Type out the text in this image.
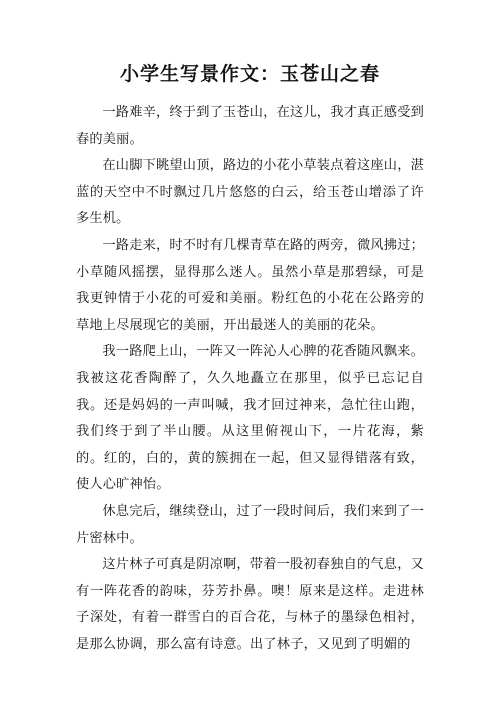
小学生写景作文：玉苍山之春

一路难辛，终于到了玉苍山，在这儿，我才真正感受到春的美丽。

在山脚下眺望山顶，路边的小花小草装点着这座山，湛蓝的天空中不时飘过几片悠悠的白云，给玉苍山增添了许多生机。

一路走来，时不时有几棵青草在路的两旁，微风拂过；小草随风摇摆，显得那么迷人。虽然小草是那碧绿，可是我更钟情于小花的可爱和美丽。粉红色的小花在公路旁的草地上尽展现它的美丽，开出最迷人的美丽的花朵。

我一路爬上山，一阵又一阵沁人心脾的花香随风飘来。我被这花香陶醉了，久久地矗立在那里，似乎已忘记自我。还是妈妈的一声叫喊，我才回过神来，急忙往山跑，我们终于到了半山腰。从这里俯视山下，一片花海，紫的。红的，白的，黄的簇拥在一起，但又显得错落有致，使人心旷神怡。

休息完后，继续登山，过了一段时间后，我们来到了一片密林中。

这片林子可真是阴凉啊，带着一股初春独自的气息，又有一阵花香的韵味，芬芳扑鼻。噢！原来是这样。走进林子深处，有着一群雪白的百合花，与林子的墨绿色相衬，是那么协调，那么富有诗意。出了林子，又见到了明媚的
